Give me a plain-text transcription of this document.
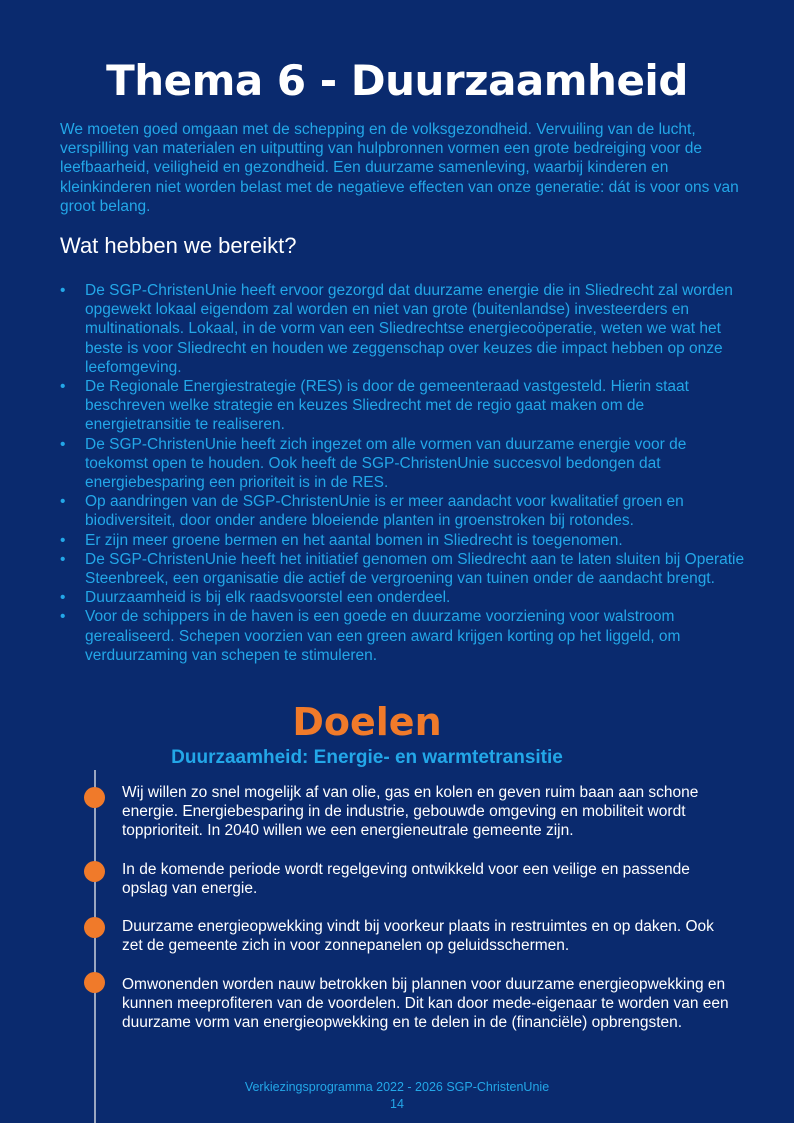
Thema 6 - Duurzaamheid

We moeten goed omgaan met de schepping en de volksgezondheid. Vervuiling van de lucht, verspilling van materialen en uitputting van hulpbronnen vormen een grote bedreiging voor de leefbaarheid, veiligheid en gezondheid. Een duurzame samenleving, waarbij kinderen en kleinkinderen niet worden belast met de negatieve effecten van onze generatie: dát is voor ons van groot belang.

Wat hebben we bereikt?
• De SGP-ChristenUnie heeft ervoor gezorgd dat duurzame energie die in Sliedrecht zal worden opgewekt lokaal eigendom zal worden en niet van grote (buitenlandse) investeerders en multinationals. Lokaal, in de vorm van een Sliedrechtse energiecoöperatie, weten we wat het beste is voor Sliedrecht en houden we zeggenschap over keuzes die impact hebben op onze leefomgeving.
• De Regionale Energiestrategie (RES) is door de gemeenteraad vastgesteld. Hierin staat beschreven welke strategie en keuzes Sliedrecht met de regio gaat maken om de energietransitie te realiseren.
• De SGP-ChristenUnie heeft zich ingezet om alle vormen van duurzame energie voor de toekomst open te houden. Ook heeft de SGP-ChristenUnie succesvol bedongen dat energiebesparing een prioriteit is in de RES.
• Op aandringen van de SGP-ChristenUnie is er meer aandacht voor kwalitatief groen en biodiversiteit, door onder andere bloeiende planten in groenstroken bij rotondes.
• Er zijn meer groene bermen en het aantal bomen in Sliedrecht is toegenomen.
• De SGP-ChristenUnie heeft het initiatief genomen om Sliedrecht aan te laten sluiten bij Operatie Steenbreek, een organisatie die actief de vergroening van tuinen onder de aandacht brengt.
• Duurzaamheid is bij elk raadsvoorstel een onderdeel.
• Voor de schippers in de haven is een goede en duurzame voorziening voor walstroom gerealiseerd. Schepen voorzien van een green award krijgen korting op het liggeld, om verduurzaming van schepen te stimuleren.
Doelen
Duurzaamheid: Energie- en warmtetransitie

Wij willen zo snel mogelijk af van olie, gas en kolen en geven ruim baan aan schone energie. Energiebesparing in de industrie, gebouwde omgeving en mobiliteit wordt topprioriteit. In 2040 willen we een energieneutrale gemeente zijn.

In de komende periode wordt regelgeving ontwikkeld voor een veilige en passende opslag van energie.

Duurzame energieopwekking vindt bij voorkeur plaats in restruimtes en op daken. Ook zet de gemeente zich in voor zonnepanelen op geluidsschermen.

Omwonenden worden nauw betrokken bij plannen voor duurzame energieopwekking en kunnen meeprofiteren van de voordelen. Dit kan door mede-eigenaar te worden van een duurzame vorm van energieopwekking en te delen in de (financiële) opbrengsten.

Verkiezingsprogramma 2022 - 2026 SGP-ChristenUnie
14
